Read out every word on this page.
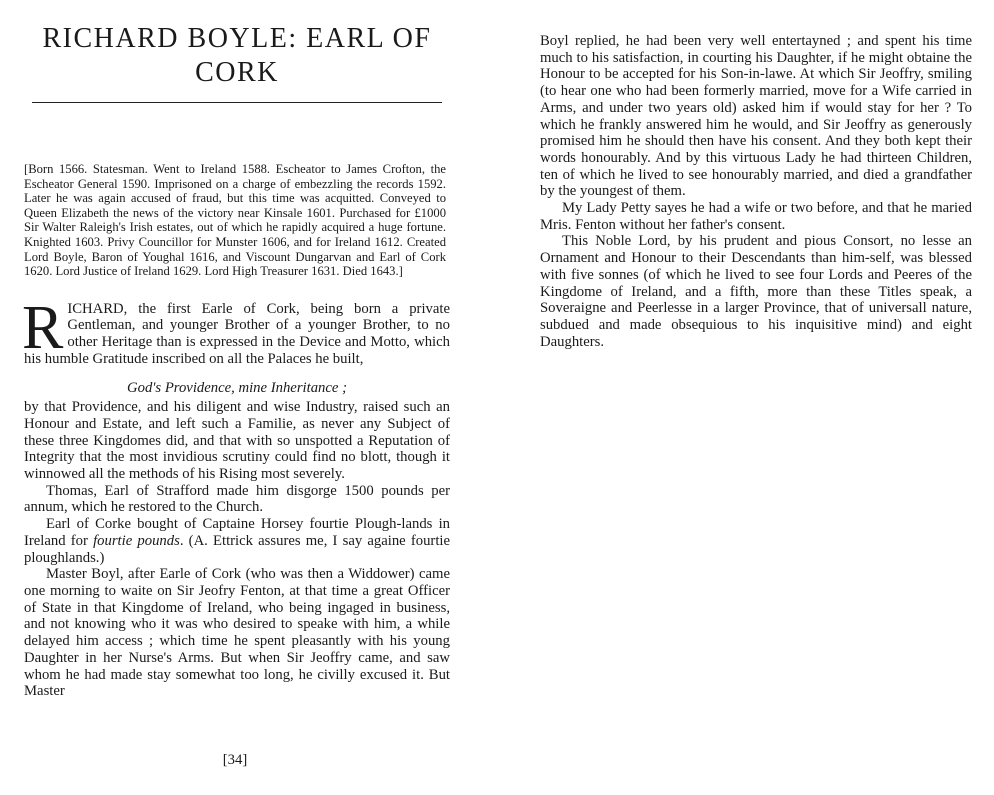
RICHARD BOYLE: EARL OF
CORK

[Born 1566. Statesman. Went to Ireland 1588. Escheator to James Crofton, the Escheator General 1590. Imprisoned on a charge of embezzling the records 1592. Later he was again accused of fraud, but this time was acquitted. Conveyed to Queen Elizabeth the news of the victory near Kinsale 1601. Purchased for £1000 Sir Walter Raleigh's Irish estates, out of which he rapidly acquired a huge fortune. Knighted 1603. Privy Councillor for Munster 1606, and for Ireland 1612. Created Lord Boyle, Baron of Youghal 1616, and Viscount Dungarvan and Earl of Cork 1620. Lord Justice of Ireland 1629. Lord High Treasurer 1631. Died 1643.]

RICHARD, the first Earle of Cork, being born a private Gentleman, and younger Brother of a younger Brother, to no other Heritage than is expressed in the Device and Motto, which his humble Gratitude inscribed on all the Palaces he built,

God's Providence, mine Inheritance ;

by that Providence, and his diligent and wise Industry, raised such an Honour and Estate, and left such a Familie, as never any Subject of these three Kingdomes did, and that with so unspotted a Reputation of Integrity that the most invidious scrutiny could find no blott, though it winnowed all the methods of his Rising most severely.

Thomas, Earl of Strafford made him disgorge 1500 pounds per annum, which he restored to the Church.

Earl of Corke bought of Captaine Horsey fourtie Plough-lands in Ireland for fourtie pounds. (A. Ettrick assures me, I say againe fourtie ploughlands.)

Master Boyl, after Earle of Cork (who was then a Widdower) came one morning to waite on Sir Jeofry Fenton, at that time a great Officer of State in that Kingdome of Ireland, who being ingaged in business, and not knowing who it was who desired to speake with him, a while delayed him access ; which time he spent pleasantly with his young Daughter in her Nurse's Arms. But when Sir Jeoffry came, and saw whom he had made stay somewhat too long, he civilly excused it. But Master

[34]

Boyl replied, he had been very well entertayned ; and spent his time much to his satisfaction, in courting his Daughter, if he might obtaine the Honour to be accepted for his Son-in-lawe. At which Sir Jeoffry, smiling (to hear one who had been formerly married, move for a Wife carried in Arms, and under two years old) asked him if would stay for her ? To which he frankly answered him he would, and Sir Jeoffry as generously promised him he should then have his consent. And they both kept their words honourably. And by this virtuous Lady he had thirteen Children, ten of which he lived to see honourably married, and died a grandfather by the youngest of them.

My Lady Petty sayes he had a wife or two before, and that he maried Mris. Fenton without her father's consent.

This Noble Lord, by his prudent and pious Consort, no lesse an Ornament and Honour to their Descendants than him-self, was blessed with five sonnes (of which he lived to see four Lords and Peeres of the Kingdome of Ireland, and a fifth, more than these Titles speak, a Soveraigne and Peerlesse in a larger Province, that of universall nature, subdued and made obsequious to his inquisitive mind) and eight Daughters.
